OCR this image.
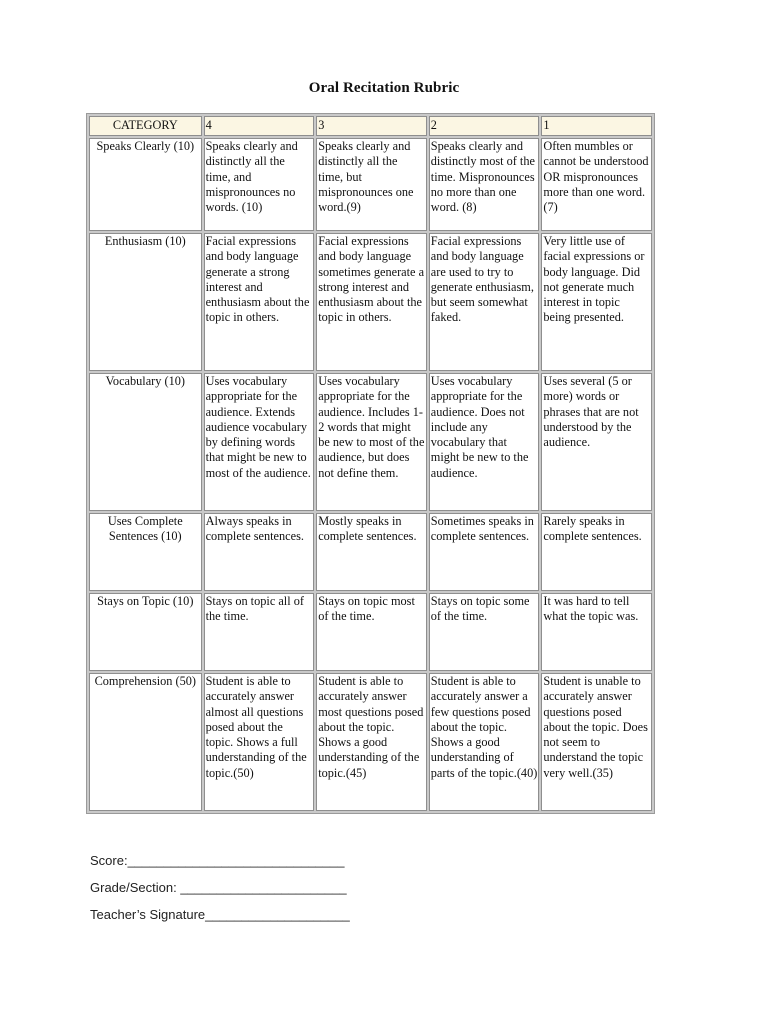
Oral Recitation Rubric
CATEGORY	4	3	2	1
Speaks Clearly (10)	Speaks clearly and distinctly all the time, and mispronounces no words. (10)	Speaks clearly and distinctly all the time, but mispronounces one word.(9)	Speaks clearly and distinctly most of the time. Mispronounces no more than one word. (8)	Often mumbles or cannot be understood OR mispronounces more than one word.(7)
Enthusiasm (10)	Facial expressions and body language generate a strong interest and enthusiasm about the topic in others.	Facial expressions and body language sometimes generate a strong interest and enthusiasm about the topic in others.	Facial expressions and body language are used to try to generate enthusiasm, but seem somewhat faked.	Very little use of facial expressions or body language. Did not generate much interest in topic being presented.
Vocabulary (10)	Uses vocabulary appropriate for the audience. Extends audience vocabulary by defining words that might be new to most of the audience.	Uses vocabulary appropriate for the audience. Includes 1-2 words that might be new to most of the audience, but does not define them.	Uses vocabulary appropriate for the audience. Does not include any vocabulary that might be new to the audience.	Uses several (5 or more) words or phrases that are not understood by the audience.
Uses Complete Sentences (10)	Always speaks in complete sentences.	Mostly speaks in complete sentences.	Sometimes speaks in complete sentences.	Rarely speaks in complete sentences.
Stays on Topic (10)	Stays on topic all of the time.	Stays on topic most of the time.	Stays on topic some of the time.	It was hard to tell what the topic was.
Comprehension (50)	Student is able to accurately answer almost all questions posed about the topic. Shows a full understanding of the topic.(50)	Student is able to accurately answer most questions posed about the topic. Shows a good understanding of the topic.(45)	Student is able to accurately answer a few questions posed about the topic. Shows a good understanding of parts of the topic.(40)	Student is unable to accurately answer questions posed about the topic. Does not seem to understand the topic very well.(35)
Score:______________________________
Grade/Section: _______________________
Teacher’s Signature____________________
